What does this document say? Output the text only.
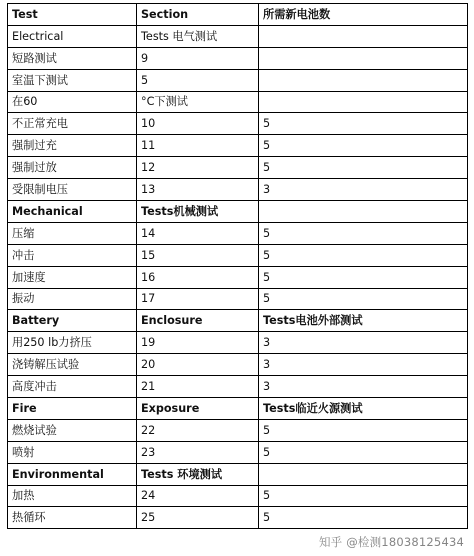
Test	Section	所需新电池数
Electrical	Tests 电气测试	
短路测试	9	
室温下测试	5	
在60	°C下测试	
不正常充电	10	5
强制过充	11	5
强制过放	12	5
受限制电压	13	3
Mechanical	Tests机械测试	
压缩	14	5
冲击	15	5
加速度	16	5
振动	17	5
Battery	Enclosure	Tests电池外部测试
用250 lb力挤压	19	3
浇铸解压试验	20	3
高度冲击	21	3
Fire	Exposure	Tests临近火源测试
燃烧试验	22	5
喷射	23	5
Environmental	Tests 环境测试	
加热	24	5
热循环	25	5
知乎 @检测18038125434
